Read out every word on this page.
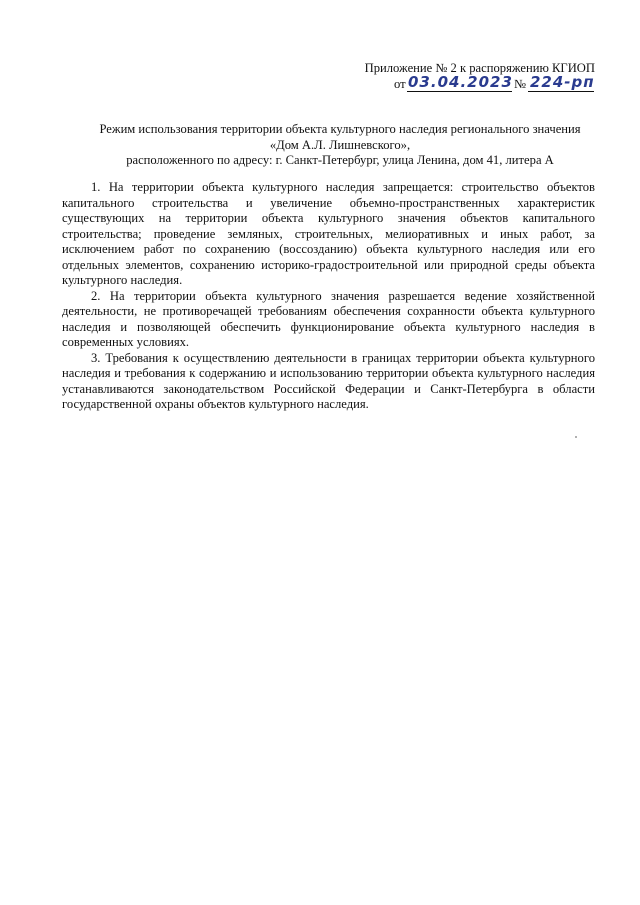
Приложение № 2 к распоряжению КГИОП
от 03.04.2023 № 224-рп
Режим использования территории объекта культурного наследия регионального значения
«Дом А.Л. Лишневского»,
расположенного по адресу: г. Санкт-Петербург, улица Ленина, дом 41, литера А

1. На территории объекта культурного наследия запрещается: строительство объектов капитального строительства и увеличение объемно-пространственных характеристик существующих на территории объекта культурного значения объектов капитального строительства; проведение земляных, строительных, мелиоративных и иных работ, за исключением работ по сохранению (воссозданию) объекта культурного наследия или его отдельных элементов, сохранению историко-градостроительной или природной среды объекта культурного наследия.

2. На территории объекта культурного значения разрешается ведение хозяйственной деятельности, не противоречащей требованиям обеспечения сохранности объекта культурного наследия и позволяющей обеспечить функционирование объекта культурного наследия в современных условиях.

3. Требования к осуществлению деятельности в границах территории объекта культурного наследия и требования к содержанию и использованию территории объекта культурного наследия устанавливаются законодательством Российской Федерации и Санкт-Петербурга в области государственной охраны объектов культурного наследия.
